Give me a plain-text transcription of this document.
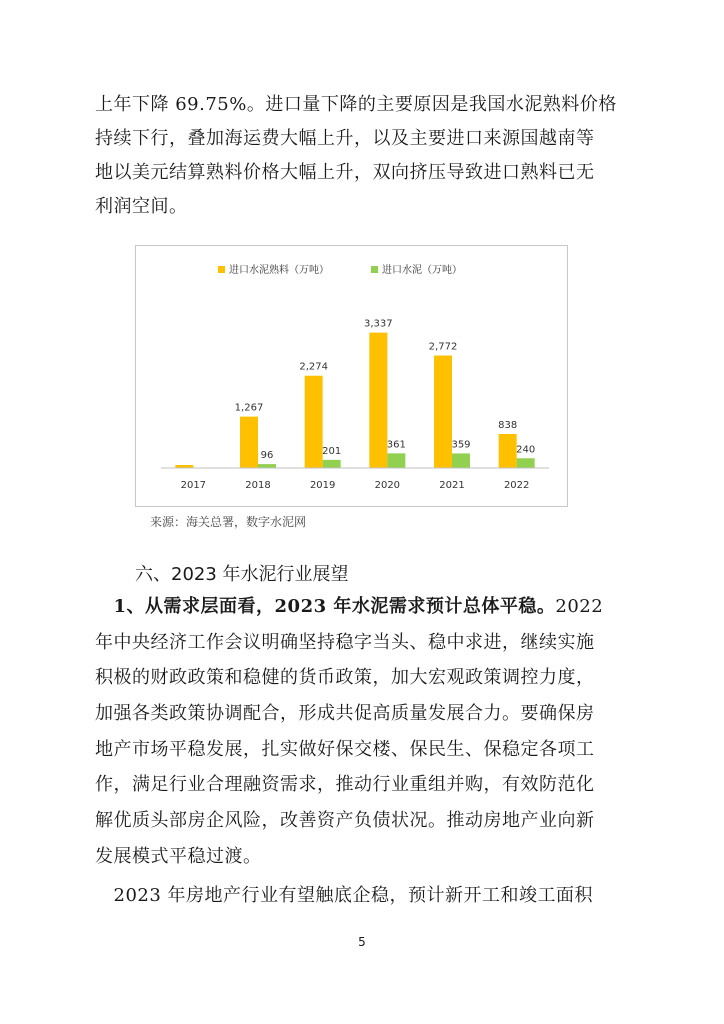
上年下降 69.75%。进口量下降的主要原因是我国水泥熟料价格
持续下行，叠加海运费大幅上升，以及主要进口来源国越南等
地以美元结算熟料价格大幅上升，双向挤压导致进口熟料已无
利润空间。
进口水泥熟料（万吨）	进口水泥（万吨）
1,267
96
2,274
201
3,337
361
2,772
359
838
240
2017	2018	2019	2020	2021	2022
来源：海关总署，数字水泥网
六、2023 年水泥行业展望
　1、从需求层面看，2023 年水泥需求预计总体平稳。2022
年中央经济工作会议明确坚持稳字当头、稳中求进，继续实施
积极的财政政策和稳健的货币政策，加大宏观政策调控力度，
加强各类政策协调配合，形成共促高质量发展合力。要确保房
地产市场平稳发展，扎实做好保交楼、保民生、保稳定各项工
作，满足行业合理融资需求，推动行业重组并购，有效防范化
解优质头部房企风险，改善资产负债状况。推动房地产业向新
发展模式平稳过渡。
　2023 年房地产行业有望触底企稳，预计新开工和竣工面积
5
